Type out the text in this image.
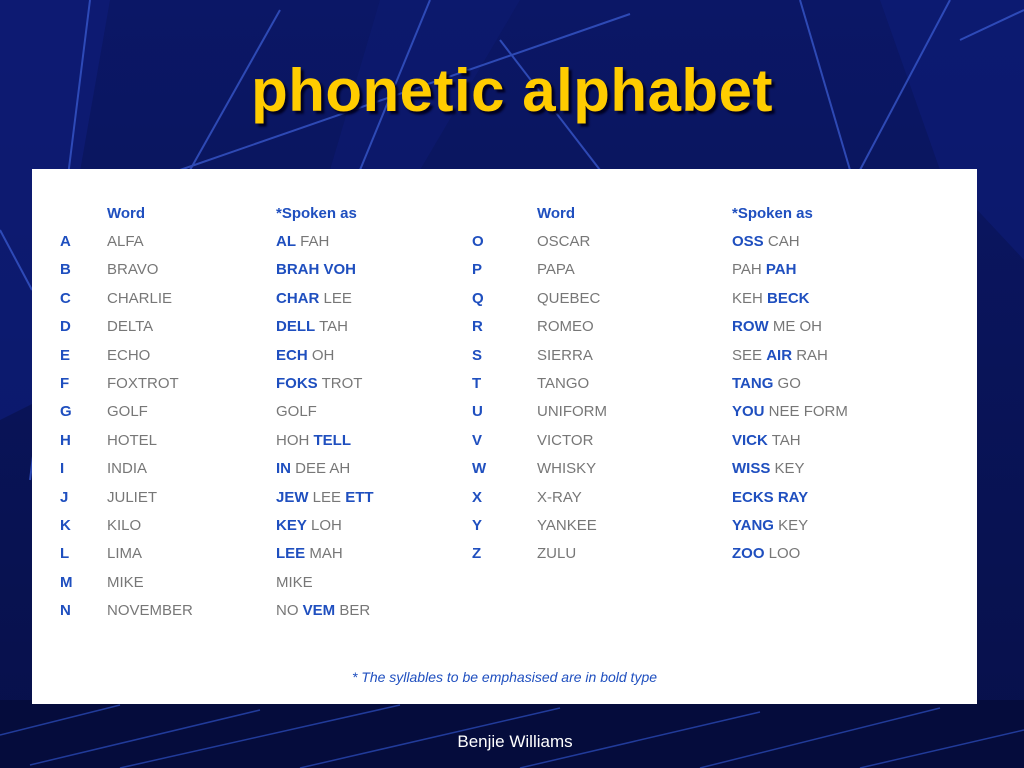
phonetic alphabet
Word	*Spoken as	Word	*Spoken as
A ALFA	AL FAH
B BRAVO	BRAH VOH
C CHARLIE	CHAR LEE
D DELTA	DELL TAH
E ECHO	ECH OH
F	FOXTROT	FOKS TROT
G GOLF	GOLF
H HOTEL	HOH TELL
I	INDIA	IN DEE AH
J	JULIET	JEW LEE ETT
K KILO	KEY LOH
L	LIMA	LEE MAH
M MIKE	MIKE
N NOVEMBER	NO VEM BER
O	OSCAR	OSS CAH
P	PAPA	PAH PAH
Q	QUEBEC	KEH BECK
R	ROMEO	ROW ME OH
S	SIERRA	SEE AIR RAH
T	TANGO	TANG GO
U	UNIFORM	YOU NEE FORM
V	VICTOR	VICK TAH
W	WHISKY	WISS KEY
X	X-RAY	ECKS RAY
Y	YANKEE	YANG KEY
Z	ZULU	ZOO LOO
* The syllables to be emphasised are in bold type
Benjie Williams
